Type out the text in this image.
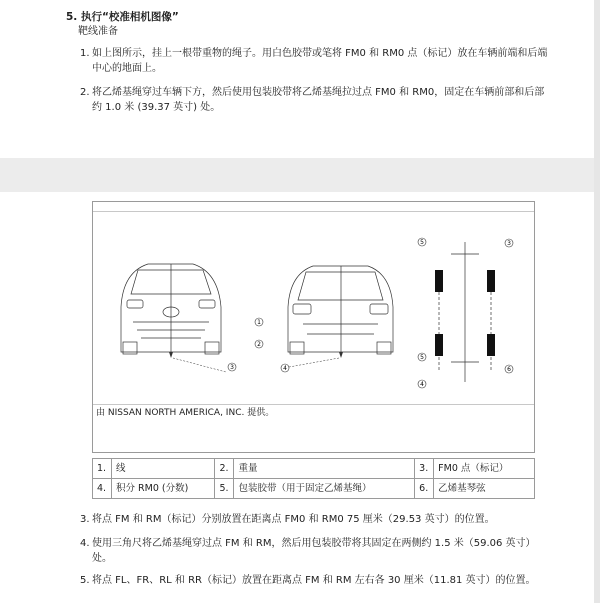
5. 执行“校准相机图像”
靶线准备
1. 如上图所示，挂上一根带重物的绳子。用白色胶带或笔将 FM0 和 RM0 点（标记）放在车辆前端和后端中心的地面上。
2. 将乙烯基绳穿过车辆下方，然后使用包装胶带将乙烯基绳拉过点 FM0 和 RM0，固定在车辆前部和后部约 1.0 米 (39.37 英寸) 处。
1
2
3	4
5	3
5
6
4
由 NISSAN NORTH AMERICA, INC. 提供。
1.	线	2.	重量	3.	FM0 点（标记）
4.	积分 RM0 (分数)	5.	包装胶带（用于固定乙烯基绳）	6.	乙烯基琴弦
3. 将点 FM 和 RM（标记）分别放置在距离点 FM0 和 RM0 75 厘米（29.53 英寸）的位置。
4. 使用三角尺将乙烯基绳穿过点 FM 和 RM，然后用包装胶带将其固定在两侧约 1.5 米（59.06 英寸）处。
5. 将点 FL、FR、RL 和 RR（标记）放置在距离点 FM 和 RM 左右各 30 厘米（11.81 英寸）的位置。
